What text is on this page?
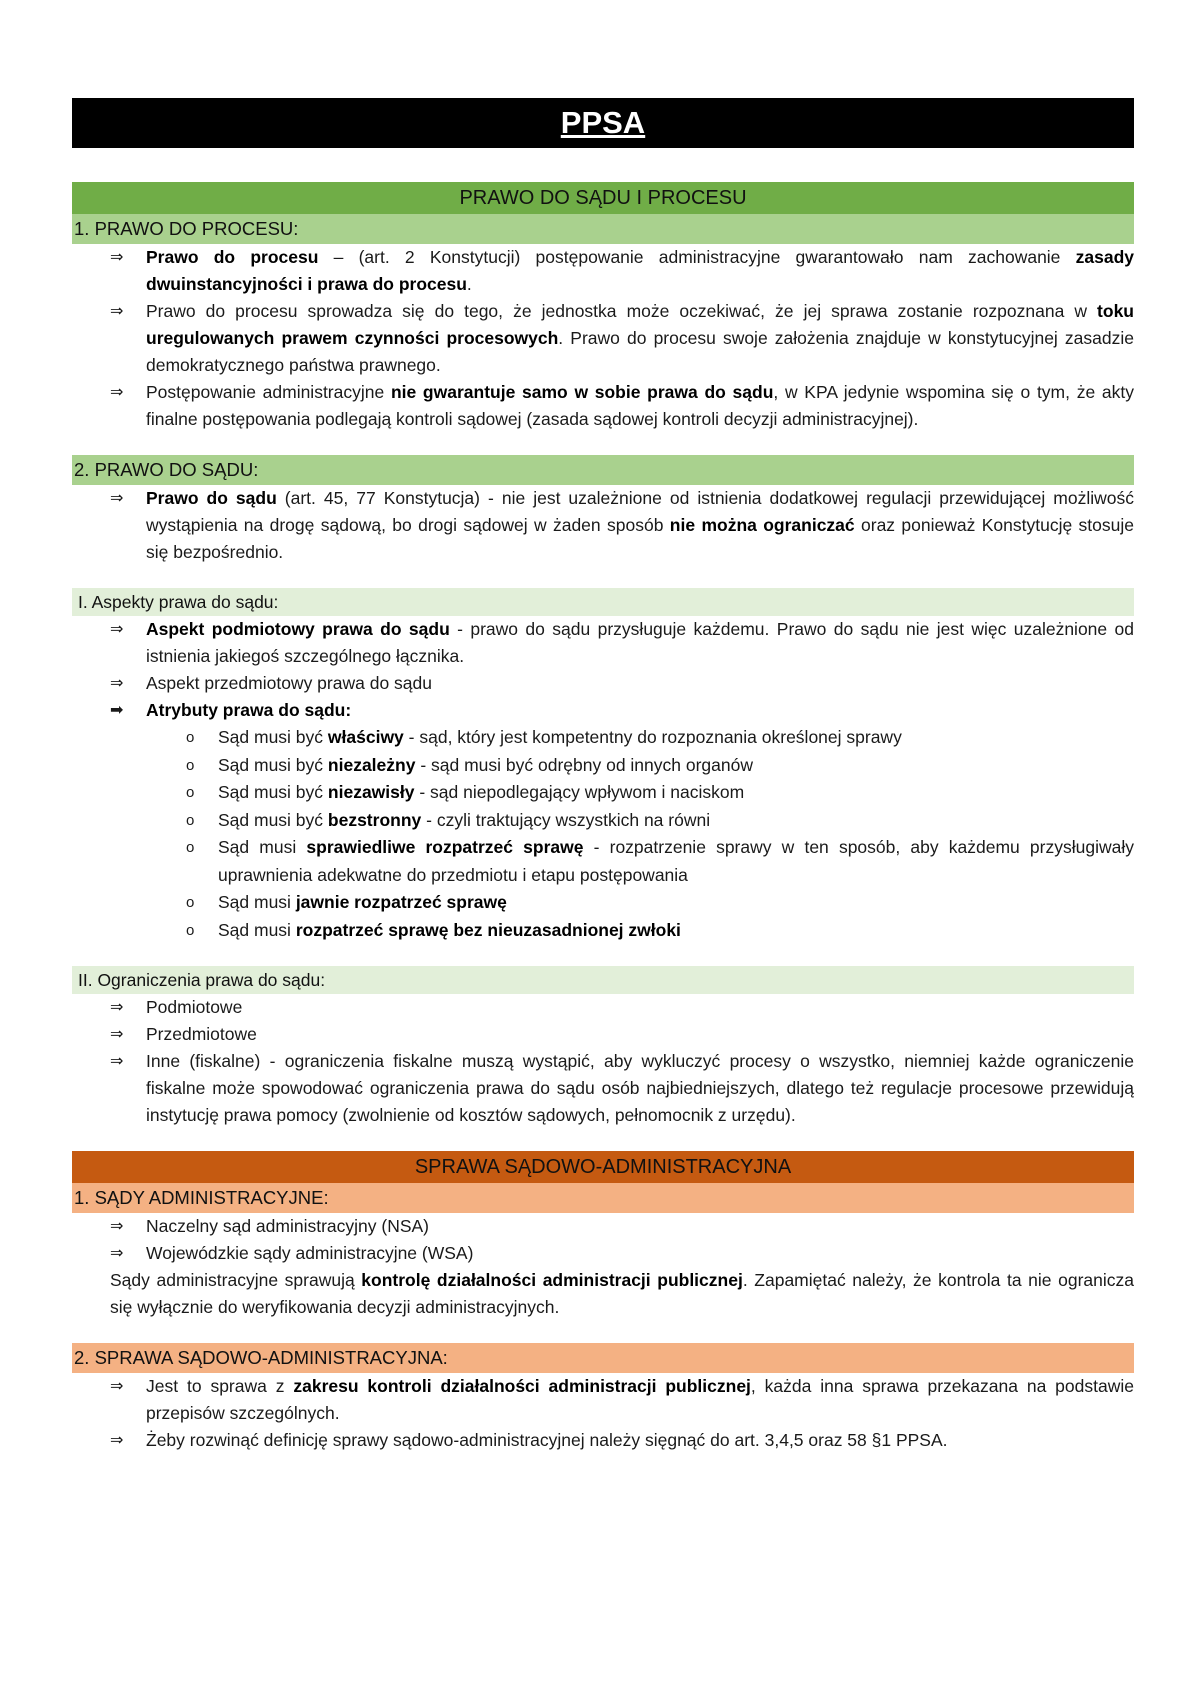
PPSA
PRAWO DO SĄDU I PROCESU
1. PRAWO DO PROCESU:
⇒ Prawo do procesu – (art. 2 Konstytucji) postępowanie administracyjne gwarantowało nam zachowanie zasady dwuinstancyjności i prawa do procesu.
⇒ Prawo do procesu sprowadza się do tego, że jednostka może oczekiwać, że jej sprawa zostanie rozpoznana w toku uregulowanych prawem czynności procesowych. Prawo do procesu swoje założenia znajduje w konstytucyjnej zasadzie demokratycznego państwa prawnego.
⇒ Postępowanie administracyjne nie gwarantuje samo w sobie prawa do sądu, w KPA jedynie wspomina się o tym, że akty finalne postępowania podlegają kontroli sądowej (zasada sądowej kontroli decyzji administracyjnej).
2. PRAWO DO SĄDU:
⇒ Prawo do sądu (art. 45, 77 Konstytucja) - nie jest uzależnione od istnienia dodatkowej regulacji przewidującej możliwość wystąpienia na drogę sądową, bo drogi sądowej w żaden sposób nie można ograniczać oraz ponieważ Konstytucję stosuje się bezpośrednio.
I. Aspekty prawa do sądu:
⇒ Aspekt podmiotowy prawa do sądu - prawo do sądu przysługuje każdemu. Prawo do sądu nie jest więc uzależnione od istnienia jakiegoś szczególnego łącznika.
⇒ Aspekt przedmiotowy prawa do sądu
➡ Atrybuty prawa do sądu:
o Sąd musi być właściwy - sąd, który jest kompetentny do rozpoznania określonej sprawy
o Sąd musi być niezależny - sąd musi być odrębny od innych organów
o Sąd musi być niezawisły - sąd niepodlegający wpływom i naciskom
o Sąd musi być bezstronny - czyli traktujący wszystkich na równi
o Sąd musi sprawiedliwe rozpatrzeć sprawę - rozpatrzenie sprawy w ten sposób, aby każdemu przysługiwały uprawnienia adekwatne do przedmiotu i etapu postępowania
o Sąd musi jawnie rozpatrzeć sprawę
o Sąd musi rozpatrzeć sprawę bez nieuzasadnionej zwłoki
II. Ograniczenia prawa do sądu:
⇒ Podmiotowe
⇒ Przedmiotowe
⇒ Inne (fiskalne) - ograniczenia fiskalne muszą wystąpić, aby wykluczyć procesy o wszystko, niemniej każde ograniczenie fiskalne może spowodować ograniczenia prawa do sądu osób najbiedniejszych, dlatego też regulacje procesowe przewidują instytucję prawa pomocy (zwolnienie od kosztów sądowych, pełnomocnik z urzędu).
SPRAWA SĄDOWO-ADMINISTRACYJNA
1. SĄDY ADMINISTRACYJNE:
⇒ Naczelny sąd administracyjny (NSA)
⇒ Wojewódzkie sądy administracyjne (WSA)
Sądy administracyjne sprawują kontrolę działalności administracji publicznej. Zapamiętać należy, że kontrola ta nie ogranicza się wyłącznie do weryfikowania decyzji administracyjnych.
2. SPRAWA SĄDOWO-ADMINISTRACYJNA:
⇒ Jest to sprawa z zakresu kontroli działalności administracji publicznej, każda inna sprawa przekazana na podstawie przepisów szczególnych.
⇒ Żeby rozwinąć definicję sprawy sądowo-administracyjnej należy sięgnąć do art. 3,4,5 oraz 58 §1 PPSA.
